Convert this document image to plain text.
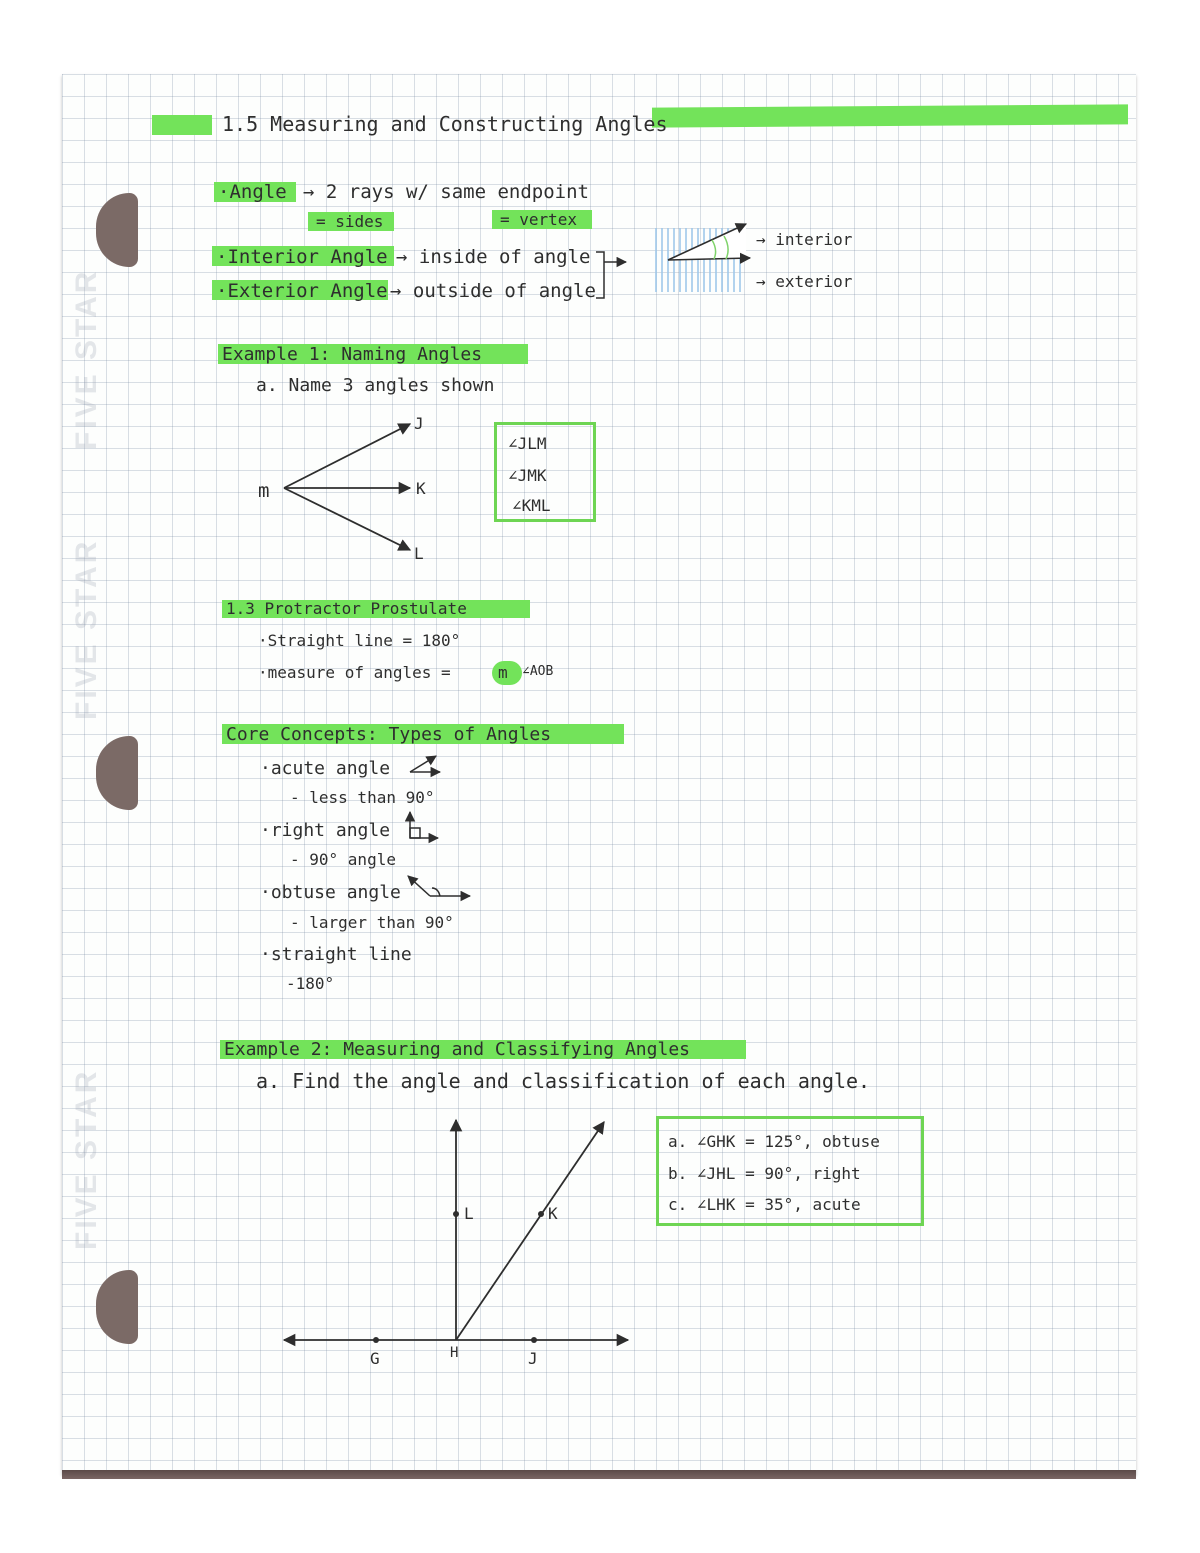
FIVE STAR
FIVE STAR
FIVE STAR
1.5 Measuring and Constructing Angles
·Angle → 2 rays w/ same endpoint
= sides	= vertex
·Interior Angle → inside of angle
·Exterior Angle → outside of angle
→ interior
→ exterior
Example 1: Naming Angles
a. Name 3 angles shown
m
J
K
L
∠JLM
∠JMK
∠KML
1.3 Protractor Prostulate
·Straight line = 180°
·measure of angles =	m ∠AOB
Core Concepts: Types of Angles
·acute angle
- less than 90°
·right angle
- 90° angle
·obtuse angle
- larger than 90°
·straight line
-180°
Example 2: Measuring and Classifying Angles
a. Find the angle and classification of each angle.
G	H	J
L	K
a. ∠GHK = 125°, obtuse
b. ∠JHL = 90°, right
c. ∠LHK = 35°, acute
